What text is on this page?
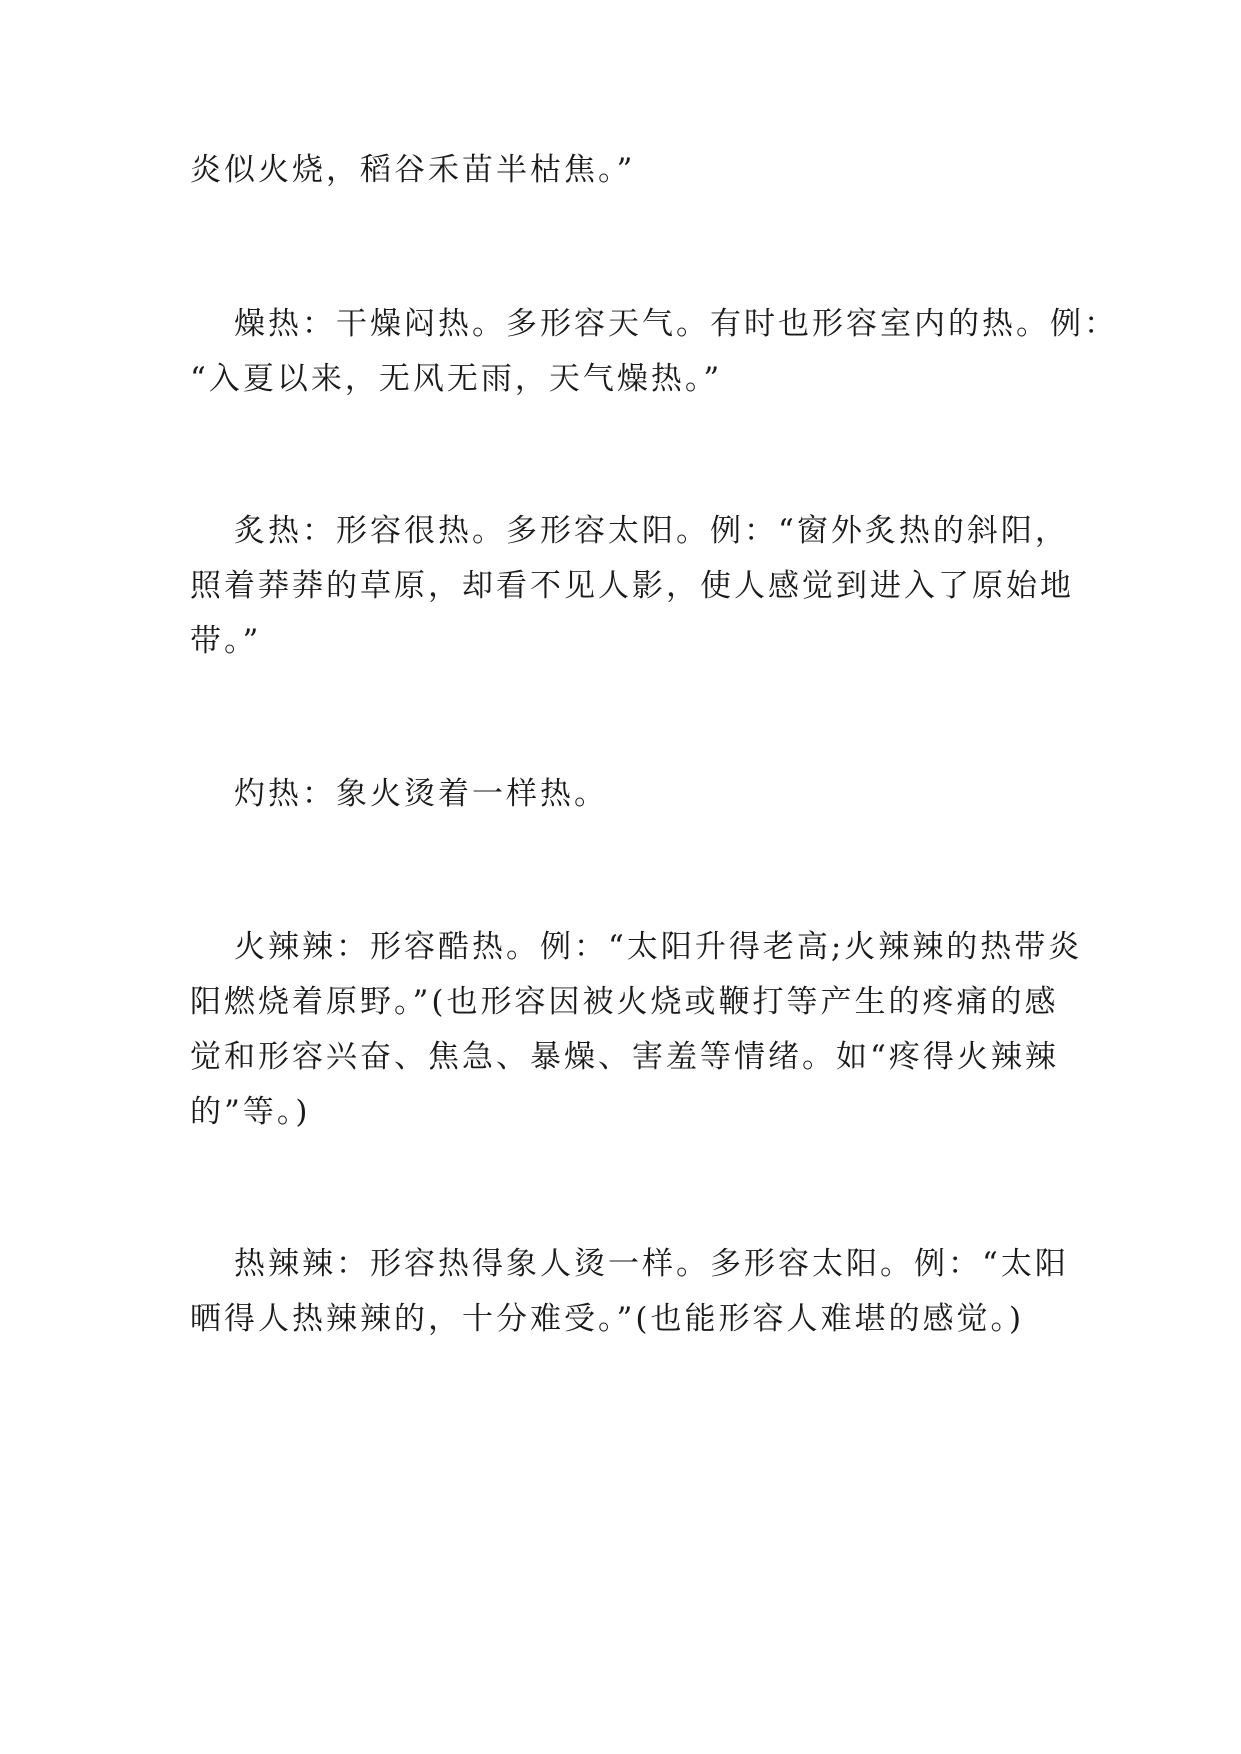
炎似火烧，稻谷禾苗半枯焦。”

燥热：干燥闷热。多形容天气。有时也形容室内的热。例：
“入夏以来，无风无雨，天气燥热。”

炙热：形容很热。多形容太阳。例：“窗外炙热的斜阳，
照着莽莽的草原，却看不见人影，使人感觉到进入了原始地
带。”

灼热：象火烫着一样热。

火辣辣：形容酷热。例：“太阳升得老高;火辣辣的热带炎
阳燃烧着原野。”(也形容因被火烧或鞭打等产生的疼痛的感
觉和形容兴奋、焦急、暴燥、害羞等情绪。如“疼得火辣辣
的”等。)

热辣辣：形容热得象人烫一样。多形容太阳。例：“太阳
晒得人热辣辣的，十分难受。”(也能形容人难堪的感觉。)
